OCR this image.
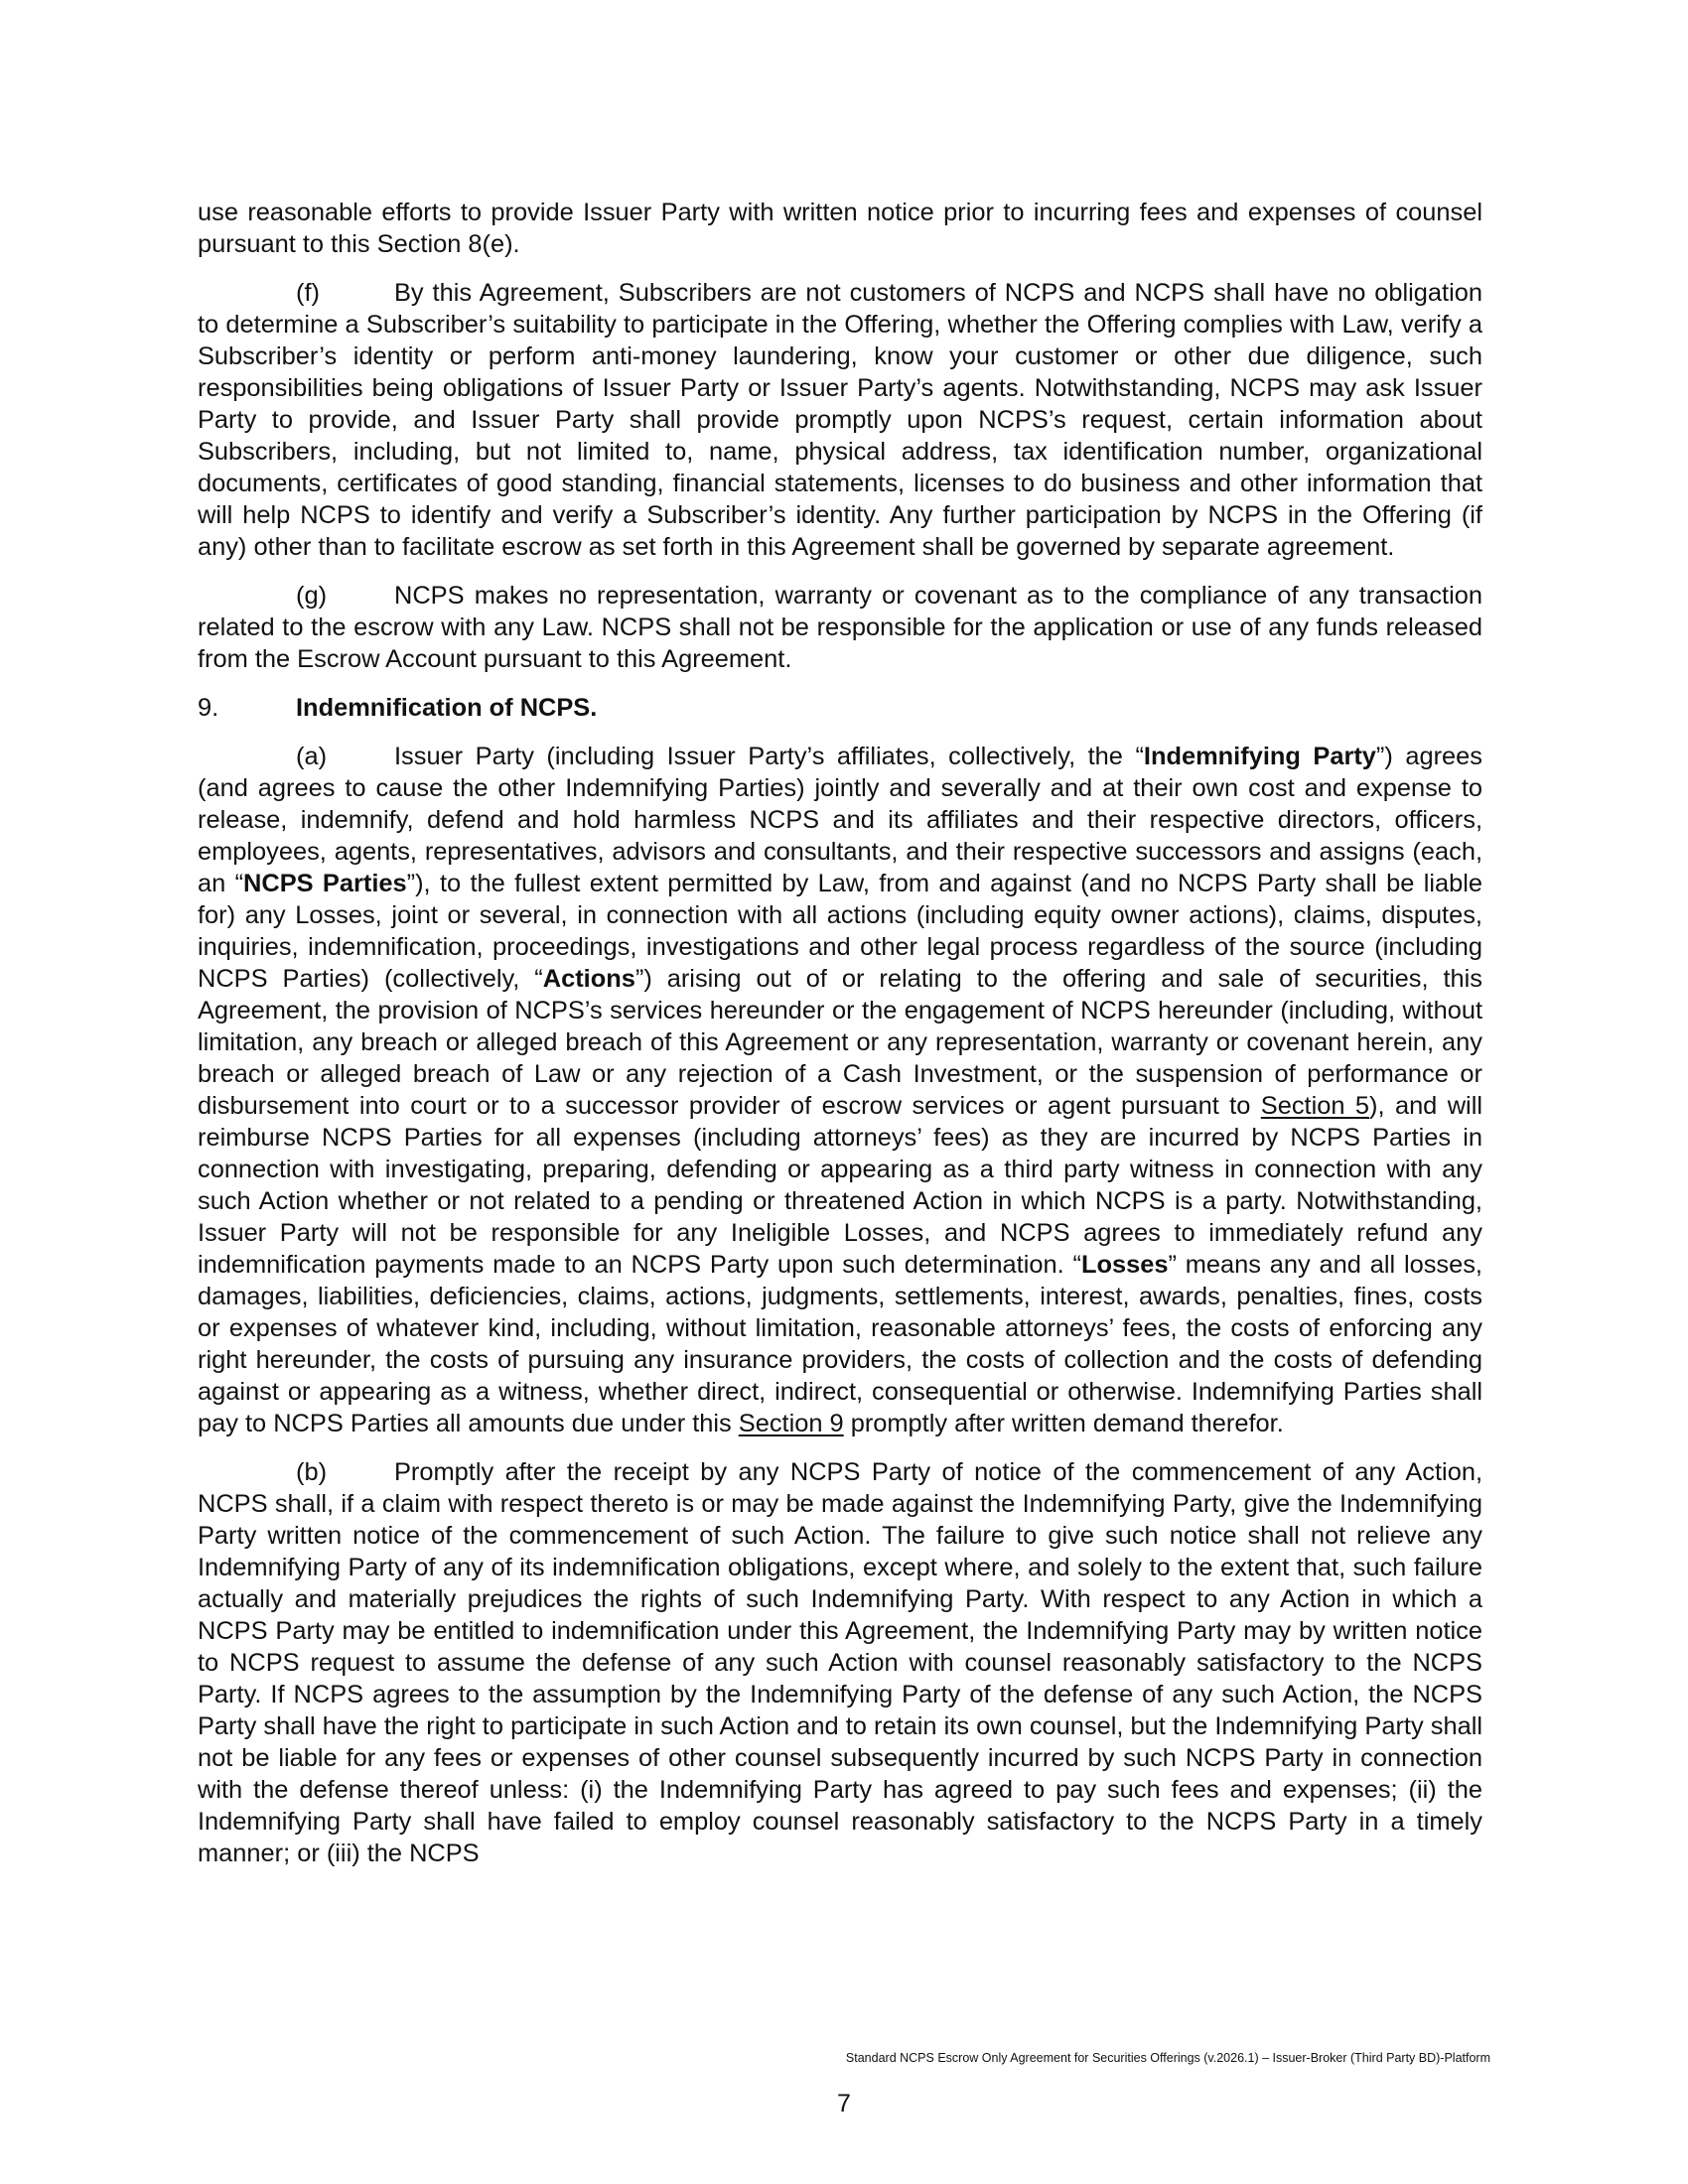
use reasonable efforts to provide Issuer Party with written notice prior to incurring fees and expenses of counsel pursuant to this Section 8(e).

(f)	By this Agreement, Subscribers are not customers of NCPS and NCPS shall have no obligation to determine a Subscriber’s suitability to participate in the Offering, whether the Offering complies with Law, verify a Subscriber’s identity or perform anti-money laundering, know your customer or other due diligence, such responsibilities being obligations of Issuer Party or Issuer Party’s agents. Notwithstanding, NCPS may ask Issuer Party to provide, and Issuer Party shall provide promptly upon NCPS’s request, certain information about Subscribers, including, but not limited to, name, physical address, tax identification number, organizational documents, certificates of good standing, financial statements, licenses to do business and other information that will help NCPS to identify and verify a Subscriber’s identity. Any further participation by NCPS in the Offering (if any) other than to facilitate escrow as set forth in this Agreement shall be governed by separate agreement.

(g)	NCPS makes no representation, warranty or covenant as to the compliance of any transaction related to the escrow with any Law. NCPS shall not be responsible for the application or use of any funds released from the Escrow Account pursuant to this Agreement.

9.	Indemnification of NCPS.

(a)	Issuer Party (including Issuer Party’s affiliates, collectively, the “Indemnifying Party”) agrees (and agrees to cause the other Indemnifying Parties) jointly and severally and at their own cost and expense to release, indemnify, defend and hold harmless NCPS and its affiliates and their respective directors, officers, employees, agents, representatives, advisors and consultants, and their respective successors and assigns (each, an “NCPS Parties”), to the fullest extent permitted by Law, from and against (and no NCPS Party shall be liable for) any Losses, joint or several, in connection with all actions (including equity owner actions), claims, disputes, inquiries, indemnification, proceedings, investigations and other legal process regardless of the source (including NCPS Parties) (collectively, “Actions”) arising out of or relating to the offering and sale of securities, this Agreement, the provision of NCPS’s services hereunder or the engagement of NCPS hereunder (including, without limitation, any breach or alleged breach of this Agreement or any representation, warranty or covenant herein, any breach or alleged breach of Law or any rejection of a Cash Investment, or the suspension of performance or disbursement into court or to a successor provider of escrow services or agent pursuant to Section 5), and will reimburse NCPS Parties for all expenses (including attorneys’ fees) as they are incurred by NCPS Parties in connection with investigating, preparing, defending or appearing as a third party witness in connection with any such Action whether or not related to a pending or threatened Action in which NCPS is a party. Notwithstanding, Issuer Party will not be responsible for any Ineligible Losses, and NCPS agrees to immediately refund any indemnification payments made to an NCPS Party upon such determination. “Losses” means any and all losses, damages, liabilities, deficiencies, claims, actions, judgments, settlements, interest, awards, penalties, fines, costs or expenses of whatever kind, including, without limitation, reasonable attorneys’ fees, the costs of enforcing any right hereunder, the costs of pursuing any insurance providers, the costs of collection and the costs of defending against or appearing as a witness, whether direct, indirect, consequential or otherwise. Indemnifying Parties shall pay to NCPS Parties all amounts due under this Section 9 promptly after written demand therefor.

(b)	Promptly after the receipt by any NCPS Party of notice of the commencement of any Action, NCPS shall, if a claim with respect thereto is or may be made against the Indemnifying Party, give the Indemnifying Party written notice of the commencement of such Action. The failure to give such notice shall not relieve any Indemnifying Party of any of its indemnification obligations, except where, and solely to the extent that, such failure actually and materially prejudices the rights of such Indemnifying Party. With respect to any Action in which a NCPS Party may be entitled to indemnification under this Agreement, the Indemnifying Party may by written notice to NCPS request to assume the defense of any such Action with counsel reasonably satisfactory to the NCPS Party. If NCPS agrees to the assumption by the Indemnifying Party of the defense of any such Action, the NCPS Party shall have the right to participate in such Action and to retain its own counsel, but the Indemnifying Party shall not be liable for any fees or expenses of other counsel subsequently incurred by such NCPS Party in connection with the defense thereof unless: (i) the Indemnifying Party has agreed to pay such fees and expenses; (ii) the Indemnifying Party shall have failed to employ counsel reasonably satisfactory to the NCPS Party in a timely manner; or (iii) the NCPS

Standard NCPS Escrow Only Agreement for Securities Offerings (v.2026.1) – Issuer-Broker (Third Party BD)-Platform
7
